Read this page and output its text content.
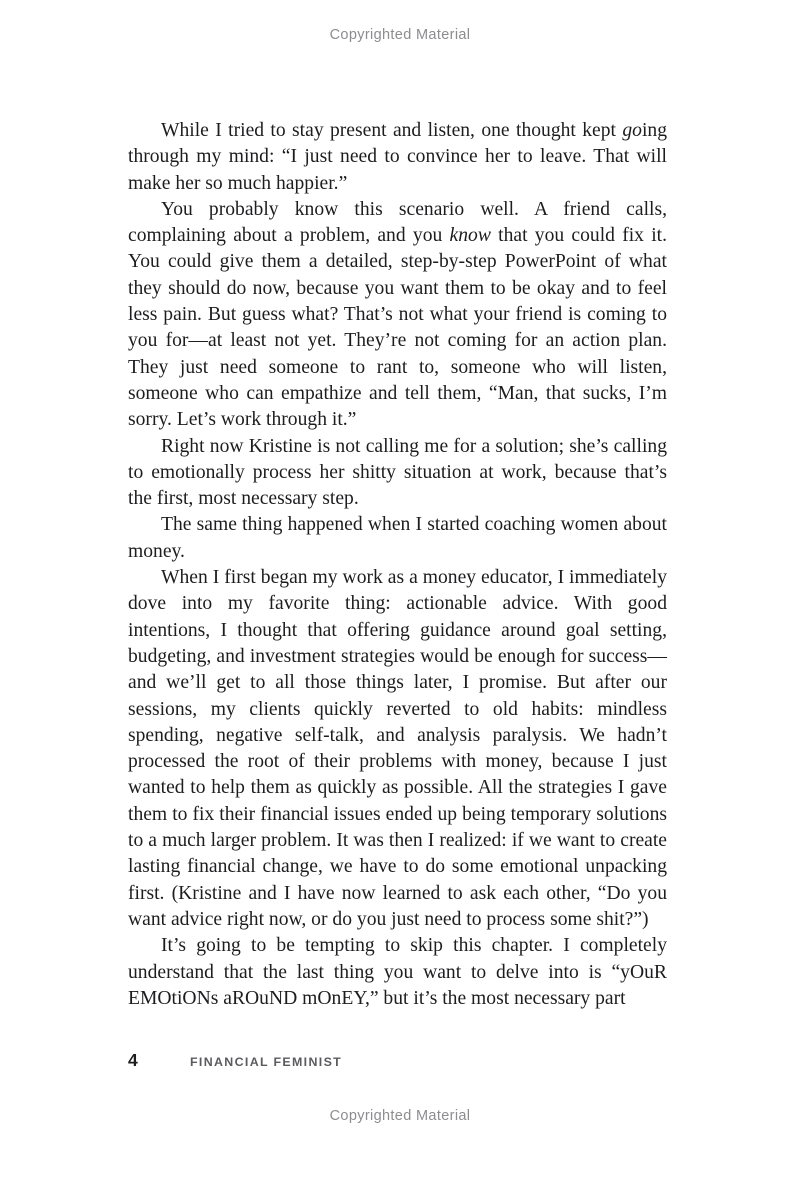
Copyrighted Material

While I tried to stay present and listen, one thought kept going through my mind: “I just need to convince her to leave. That will make her so much happier.”

You probably know this scenario well. A friend calls, complaining about a problem, and you know that you could fix it. You could give them a detailed, step-by-step PowerPoint of what they should do now, because you want them to be okay and to feel less pain. But guess what? That’s not what your friend is coming to you for—at least not yet. They’re not coming for an action plan. They just need someone to rant to, someone who will listen, someone who can empathize and tell them, “Man, that sucks, I’m sorry. Let’s work through it.”

Right now Kristine is not calling me for a solution; she’s calling to emotionally process her shitty situation at work, because that’s the first, most necessary step.

The same thing happened when I started coaching women about money.

When I first began my work as a money educator, I immediately dove into my favorite thing: actionable advice. With good intentions, I thought that offering guidance around goal setting, budgeting, and investment strategies would be enough for success—and we’ll get to all those things later, I promise. But after our sessions, my clients quickly reverted to old habits: mindless spending, negative self-talk, and analysis paralysis. We hadn’t processed the root of their problems with money, because I just wanted to help them as quickly as possible. All the strategies I gave them to fix their financial issues ended up being temporary solutions to a much larger problem. It was then I realized: if we want to create lasting financial change, we have to do some emotional unpacking first. (Kristine and I have now learned to ask each other, “Do you want advice right now, or do you just need to process some shit?”)

It’s going to be tempting to skip this chapter. I completely understand that the last thing you want to delve into is “yOuR EMOtiONs aROuND mOnEY,” but it’s the most necessary part

4	FINANCIAL FEMINIST
Copyrighted Material
